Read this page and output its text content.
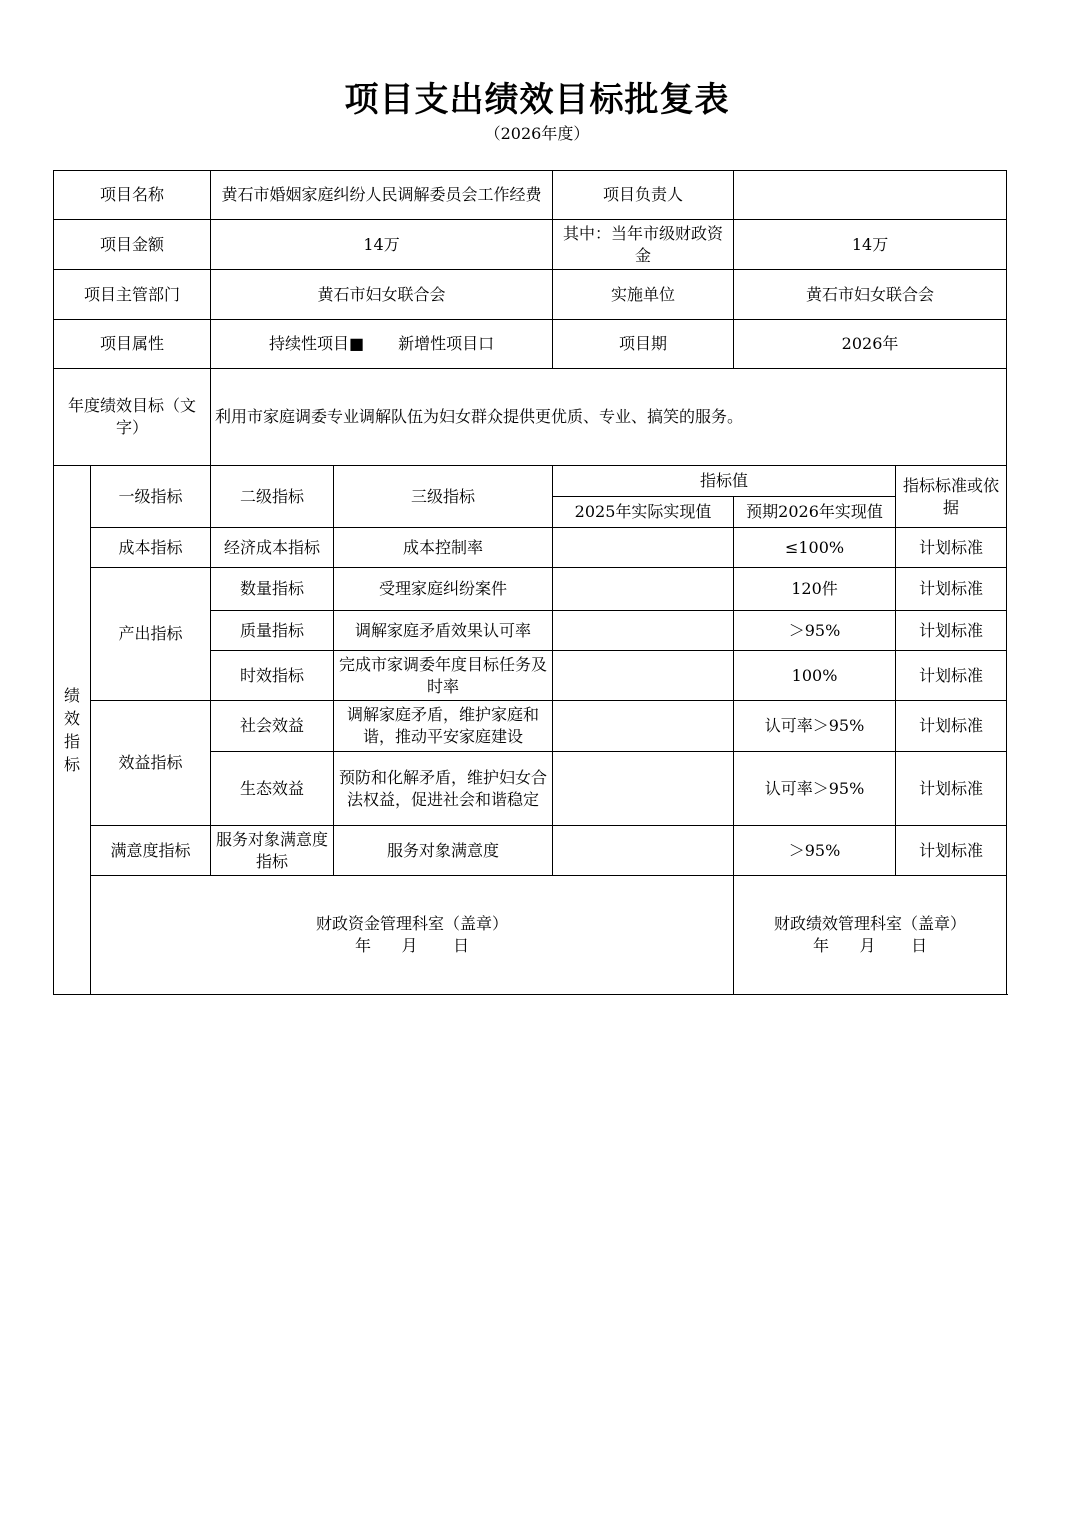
项目支出绩效目标批复表
（2026年度）
项目名称		黄石市婚姻家庭纠纷人民调解委员会工作经费		项目负责人		
项目金额		14万		其中：当年市级财政资金	14万	
项目主管部门		黄石市妇女联合会		实施单位	黄石市妇女联合会	
项目属性		持续性项目■ 新增性项目口		项目期	2026年	
年度绩效目标（文字）		利用市家庭调委专业调解队伍为妇女群众提供更优质、专业、搞笑的服务。				
绩效指标	一级指标	二级指标	三级指标	指标值		指标标准或依据
				2025年实际实现值	预期2026年实现值	
	成本指标	经济成本指标	成本控制率		≤100%	计划标准
	产出指标	数量指标	受理家庭纠纷案件		120件	计划标准
		质量指标	调解家庭矛盾效果认可率		＞95%	计划标准
		时效指标	完成市家调委年度目标任务及时率		100%	计划标准
	效益指标	社会效益	调解家庭矛盾，维护家庭和谐，推动平安家庭建设		认可率＞95%	计划标准
		生态效益	预防和化解矛盾，维护妇女合法权益，促进社会和谐稳定		认可率＞95%	计划标准
	满意度指标	服务对象满意度指标	服务对象满意度		＞95%	计划标准

	财政资金管理科室（盖章）
年      月       日				财政绩效管理科室（盖章）
年      月       日	
